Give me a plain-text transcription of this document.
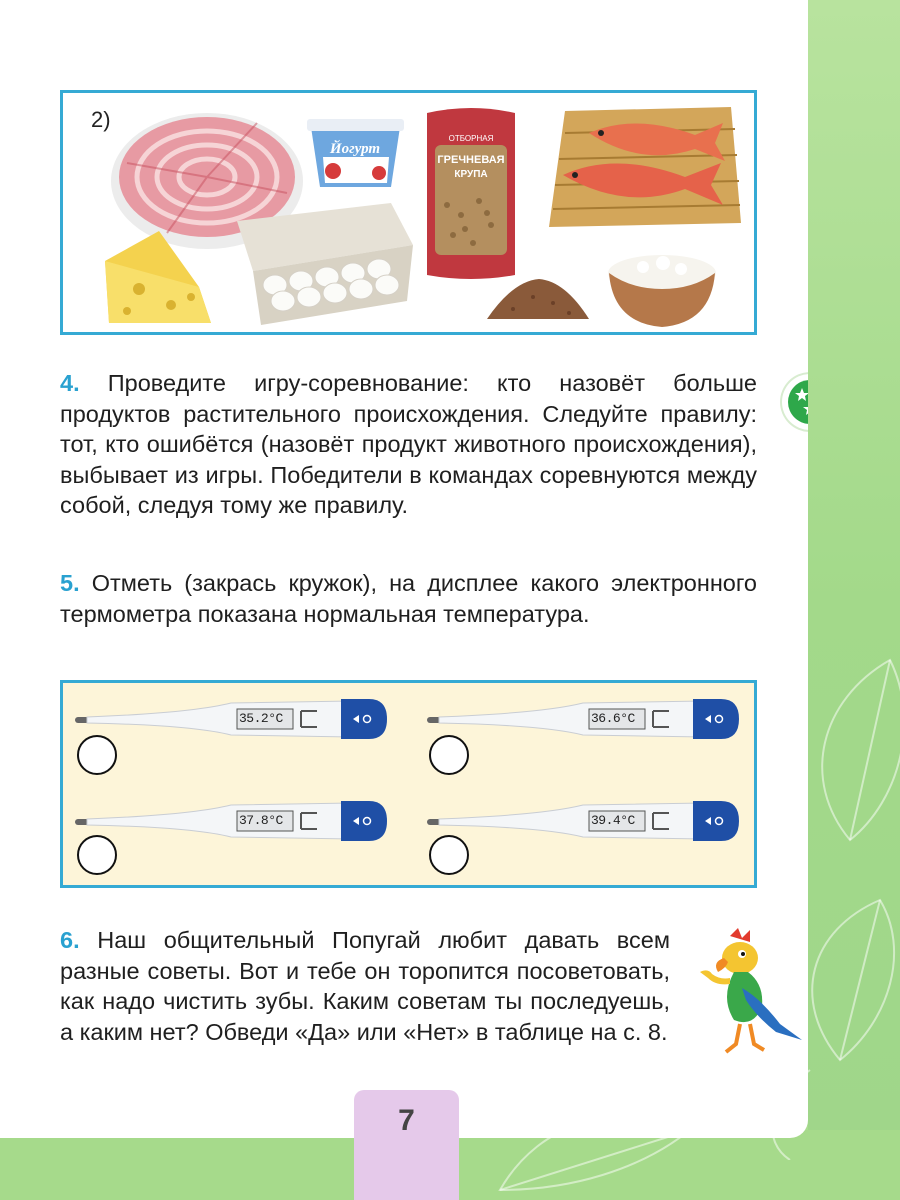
2)
Йогурт
ОТБОРНАЯ
ГРЕЧНЕВАЯ
КРУПА
4. Проведите игру-соревнование: кто назовёт больше продуктов растительного происхождения. Следуйте правилу: тот, кто ошибётся (назовёт продукт животного происхождения), выбывает из игры. Победители в командах соревнуются между собой, следуя тому же правилу.
5. Отметь (закрась кружок), на дисплее какого электронного термометра показана нормальная температура.
35.2°C	36.6°C
37.8°C	39.4°C
6. Наш общительный Попугай любит давать всем разные советы. Вот и тебе он торопится посоветовать, как надо чистить зубы. Каким советам ты последуешь, а каким нет? Обведи «Да» или «Нет» в таблице на с. 8.
7
